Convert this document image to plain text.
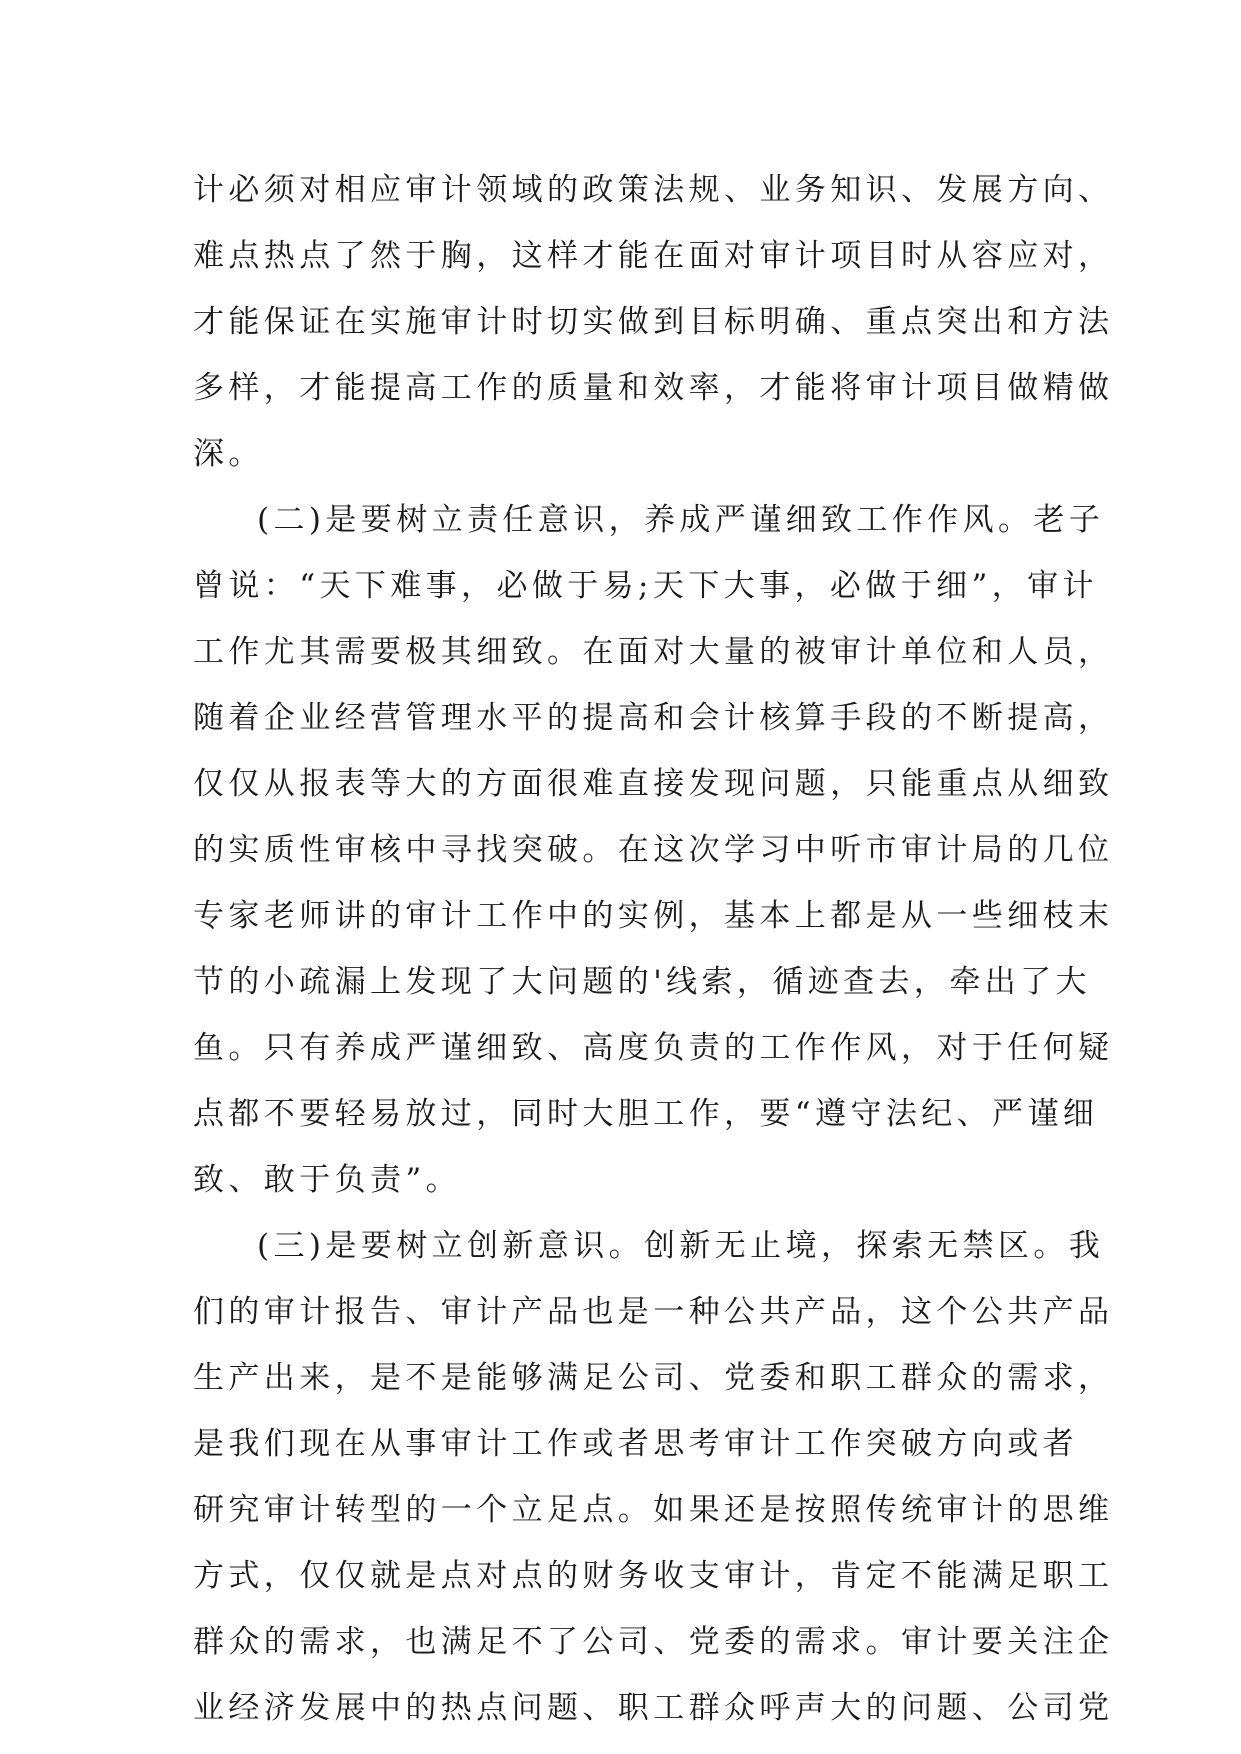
计必须对相应审计领域的政策法规、业务知识、发展方向、
难点热点了然于胸，这样才能在面对审计项目时从容应对，
才能保证在实施审计时切实做到目标明确、重点突出和方法
多样，才能提高工作的质量和效率，才能将审计项目做精做
深。
(二)是要树立责任意识，养成严谨细致工作作风。老子
曾说：“天下难事，必做于易;天下大事，必做于细”，审计
工作尤其需要极其细致。在面对大量的被审计单位和人员，
随着企业经营管理水平的提高和会计核算手段的不断提高，
仅仅从报表等大的方面很难直接发现问题，只能重点从细致
的实质性审核中寻找突破。在这次学习中听市审计局的几位
专家老师讲的审计工作中的实例，基本上都是从一些细枝末
节的小疏漏上发现了大问题的'线索，循迹查去，牵出了大
鱼。只有养成严谨细致、高度负责的工作作风，对于任何疑
点都不要轻易放过，同时大胆工作，要“遵守法纪、严谨细
致、敢于负责”。
(三)是要树立创新意识。创新无止境，探索无禁区。我
们的审计报告、审计产品也是一种公共产品，这个公共产品
生产出来，是不是能够满足公司、党委和职工群众的需求，
是我们现在从事审计工作或者思考审计工作突破方向或者
研究审计转型的一个立足点。如果还是按照传统审计的思维
方式，仅仅就是点对点的财务收支审计，肯定不能满足职工
群众的需求，也满足不了公司、党委的需求。审计要关注企
业经济发展中的热点问题、职工群众呼声大的问题、公司党
